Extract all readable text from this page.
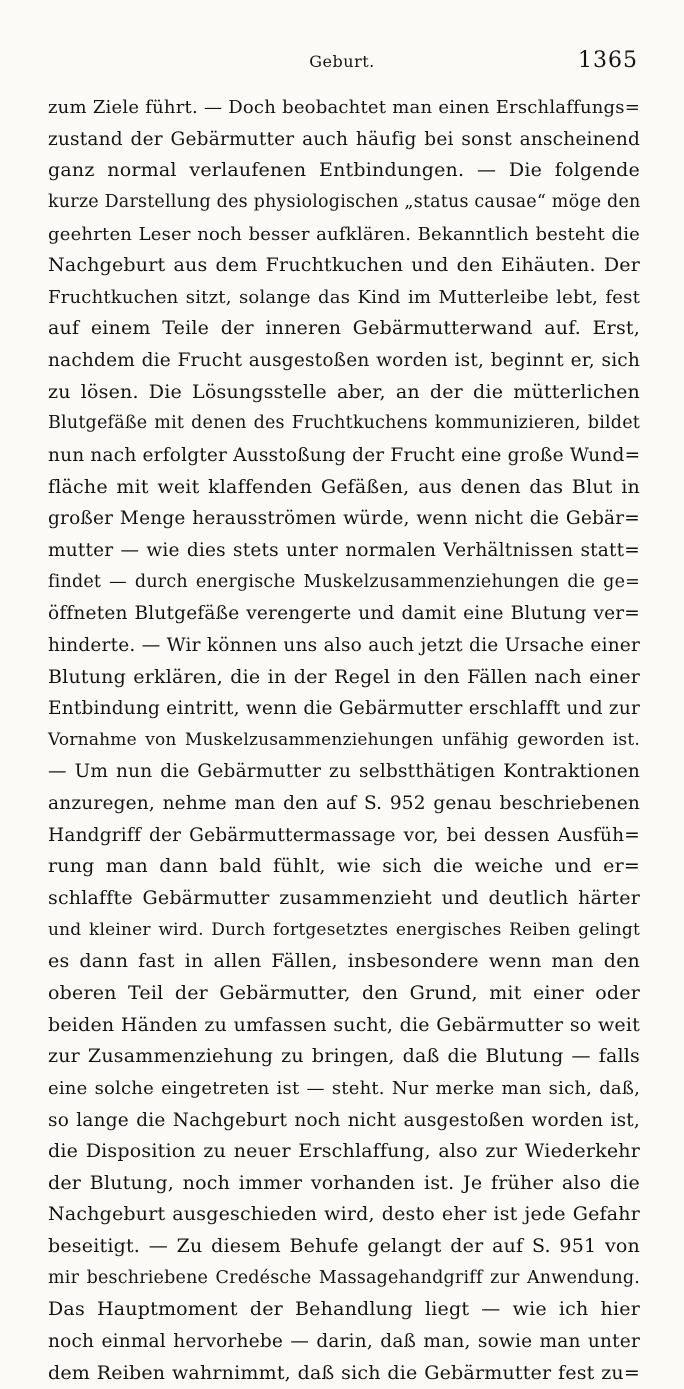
Geburt.	1365
zum Ziele führt. — Doch beobachtet man einen Erschlaffungs=
zustand der Gebärmutter auch häufig bei sonst anscheinend
ganz normal verlaufenen Entbindungen. — Die folgende
kurze Darstellung des physiologischen „status causae“ möge den
geehrten Leser noch besser aufklären. Bekanntlich besteht die
Nachgeburt aus dem Fruchtkuchen und den Eihäuten. Der
Fruchtkuchen sitzt, solange das Kind im Mutterleibe lebt, fest
auf einem Teile der inneren Gebärmutterwand auf. Erst,
nachdem die Frucht ausgestoßen worden ist, beginnt er, sich
zu lösen. Die Lösungsstelle aber, an der die mütterlichen
Blutgefäße mit denen des Fruchtkuchens kommunizieren, bildet
nun nach erfolgter Ausstoßung der Frucht eine große Wund=
fläche mit weit klaffenden Gefäßen, aus denen das Blut in
großer Menge herausströmen würde, wenn nicht die Gebär=
mutter — wie dies stets unter normalen Verhältnissen statt=
findet — durch energische Muskelzusammenziehungen die ge=
öffneten Blutgefäße verengerte und damit eine Blutung ver=
hinderte. — Wir können uns also auch jetzt die Ursache einer
Blutung erklären, die in der Regel in den Fällen nach einer
Entbindung eintritt, wenn die Gebärmutter erschlafft und zur
Vornahme von Muskelzusammenziehungen unfähig geworden ist.
— Um nun die Gebärmutter zu selbstthätigen Kontraktionen
anzuregen, nehme man den auf S. 952 genau beschriebenen
Handgriff der Gebärmuttermassage vor, bei dessen Ausfüh=
rung man dann bald fühlt, wie sich die weiche und er=
schlaffte Gebärmutter zusammenzieht und deutlich härter
und kleiner wird. Durch fortgesetztes energisches Reiben gelingt
es dann fast in allen Fällen, insbesondere wenn man den
oberen Teil der Gebärmutter, den Grund, mit einer oder
beiden Händen zu umfassen sucht, die Gebärmutter so weit
zur Zusammenziehung zu bringen, daß die Blutung — falls
eine solche eingetreten ist — steht. Nur merke man sich, daß,
so lange die Nachgeburt noch nicht ausgestoßen worden ist,
die Disposition zu neuer Erschlaffung, also zur Wiederkehr
der Blutung, noch immer vorhanden ist. Je früher also die
Nachgeburt ausgeschieden wird, desto eher ist jede Gefahr
beseitigt. — Zu diesem Behufe gelangt der auf S. 951 von
mir beschriebene Credésche Massagehandgriff zur Anwendung.
Das Hauptmoment der Behandlung liegt — wie ich hier
noch einmal hervorhebe — darin, daß man, sowie man unter
dem Reiben wahrnimmt, daß sich die Gebärmutter fest zu=
